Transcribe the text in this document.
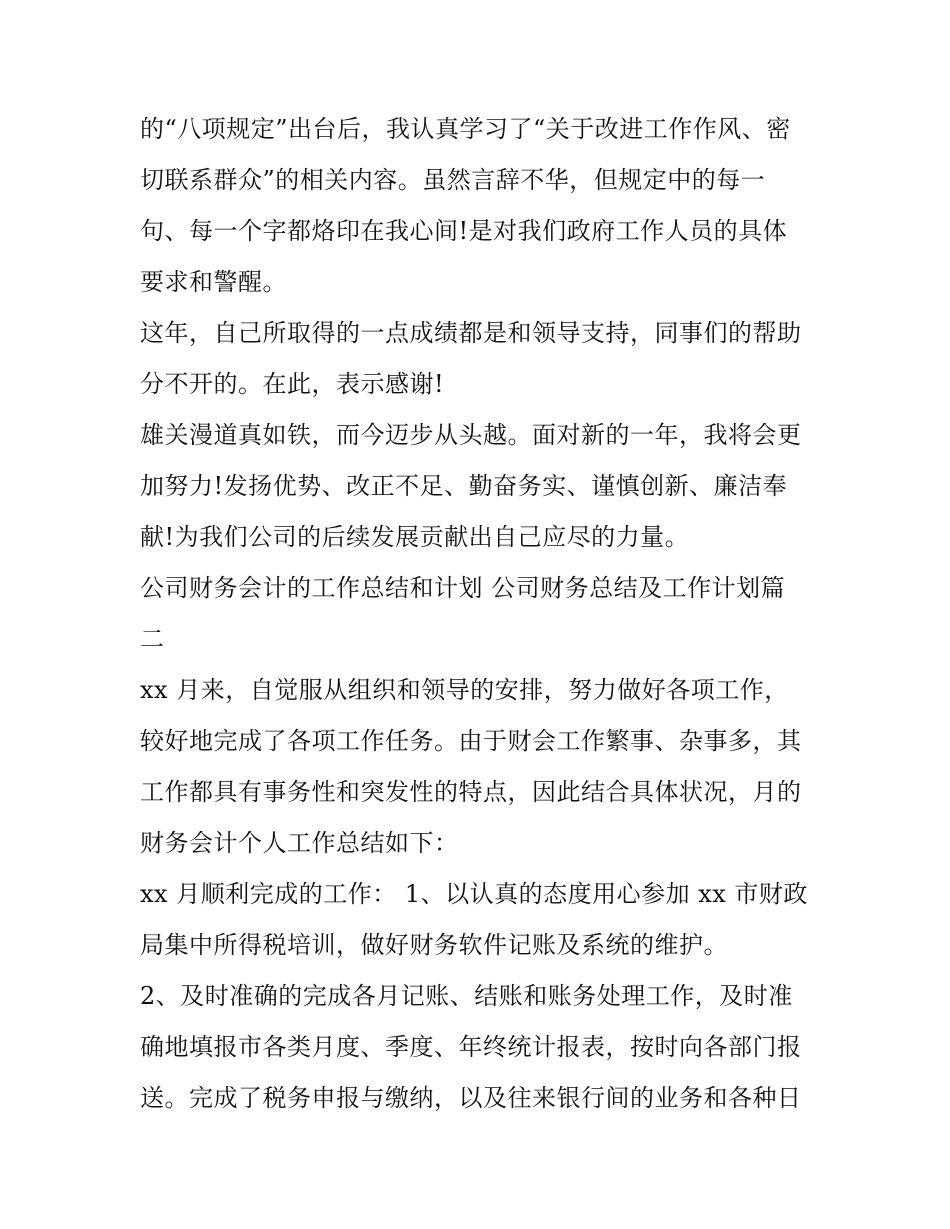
的“八项规定”出台后，我认真学习了“关于改进工作作风、密
切联系群众”的相关内容。虽然言辞不华，但规定中的每一
句、每一个字都烙印在我心间!是对我们政府工作人员的具体
要求和警醒。
这年，自己所取得的一点成绩都是和领导支持，同事们的帮助
分不开的。在此，表示感谢!
雄关漫道真如铁，而今迈步从头越。面对新的一年，我将会更
加努力!发扬优势、改正不足、勤奋务实、谨慎创新、廉洁奉
献!为我们公司的后续发展贡献出自己应尽的力量。
公司财务会计的工作总结和计划 公司财务总结及工作计划篇
二
xx 月来，自觉服从组织和领导的安排，努力做好各项工作，
较好地完成了各项工作任务。由于财会工作繁事、杂事多，其
工作都具有事务性和突发性的特点，因此结合具体状况，月的
财务会计个人工作总结如下：
xx 月顺利完成的工作： 1、以认真的态度用心参加 xx 市财政
局集中所得税培训，做好财务软件记账及系统的维护。
2、及时准确的完成各月记账、结账和账务处理工作，及时准
确地填报市各类月度、季度、年终统计报表，按时向各部门报
送。完成了税务申报与缴纳，以及往来银行间的业务和各种日
